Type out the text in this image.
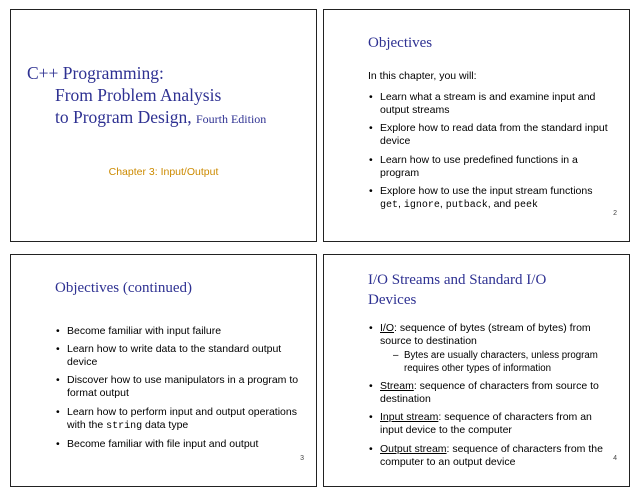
C++ Programming:
From Problem Analysis
to Program Design, Fourth Edition
Chapter 3: Input/Output
Objectives

In this chapter, you will:

• Learn what a stream is and examine input and output streams
• Explore how to read data from the standard input device
• Learn how to use predefined functions in a program
• Explore how to use the input stream functions get, ignore, putback, and peek
2
Objectives (continued)
• Become familiar with input failure
• Learn how to write data to the standard output device
• Discover how to use manipulators in a program to format output
• Learn how to perform input and output operations with the string data type
• Become familiar with file input and output
3
I/O Streams and Standard I/O Devices
• I/O: sequence of bytes (stream of bytes) from source to destination
– Bytes are usually characters, unless program requires other types of information
• Stream: sequence of characters from source to destination
• Input stream: sequence of characters from an input device to the computer
• Output stream: sequence of characters from the computer to an output device	4
